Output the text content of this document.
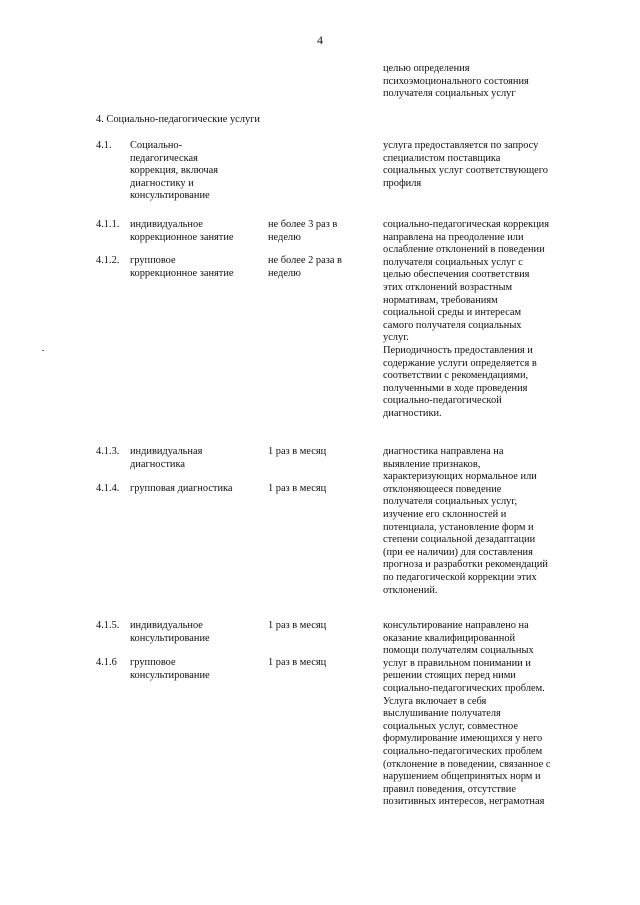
4
целью определения
психоэмоционального состояния
получателя социальных услуг
4. Социально-педагогические услуги
4.1. Социально-
педагогическая
коррекция, включая
диагностику и
консультирование
услуга предоставляется по запросу
специалистом поставщика
социальных услуг соответствующего
профиля
4.1.1. индивидуальное
коррекционное занятие
не более 3 раз в
неделю
4.1.2. групповое
коррекционное занятие
не более 2 раза в
неделю
социально-педагогическая коррекция
направлена на преодоление или
ослабление отклонений в поведении
получателя социальных услуг с
целью обеспечения соответствия
этих отклонений возрастным
нормативам, требованиям
социальной среды и интересам
самого получателя социальных
услуг.
Периодичность предоставления и
содержание услуги определяется в
соответствии с рекомендациями,
полученными в ходе проведения
социально-педагогической
диагностики.
4.1.3. индивидуальная
диагностика
1 раз в месяц
4.1.4. групповая диагностика	1 раз в месяц
диагностика направлена на
выявление признаков,
характеризующих нормальное или
отклоняющееся поведение
получателя социальных услуг,
изучение его склонностей и
потенциала, установление форм и
степени социальной дезадаптации
(при ее наличии) для составления
прогноза и разработки рекомендаций
по педагогической коррекции этих
отклонений.
4.1.5. индивидуальное
консультирование
1 раз в месяц
4.1.6 групповое
консультирование
1 раз в месяц
консультирование направлено на
оказание квалифицированной
помощи получателям социальных
услуг в правильном понимании и
решении стоящих перед ними
социально-педагогических проблем.
Услуга включает в себя
выслушивание получателя
социальных услуг, совместное
формулирование имеющихся у него
социально-педагогических проблем
(отклонение в поведении, связанное с
нарушением общепринятых норм и
правил поведения, отсутствие
позитивных интересов, неграмотная
